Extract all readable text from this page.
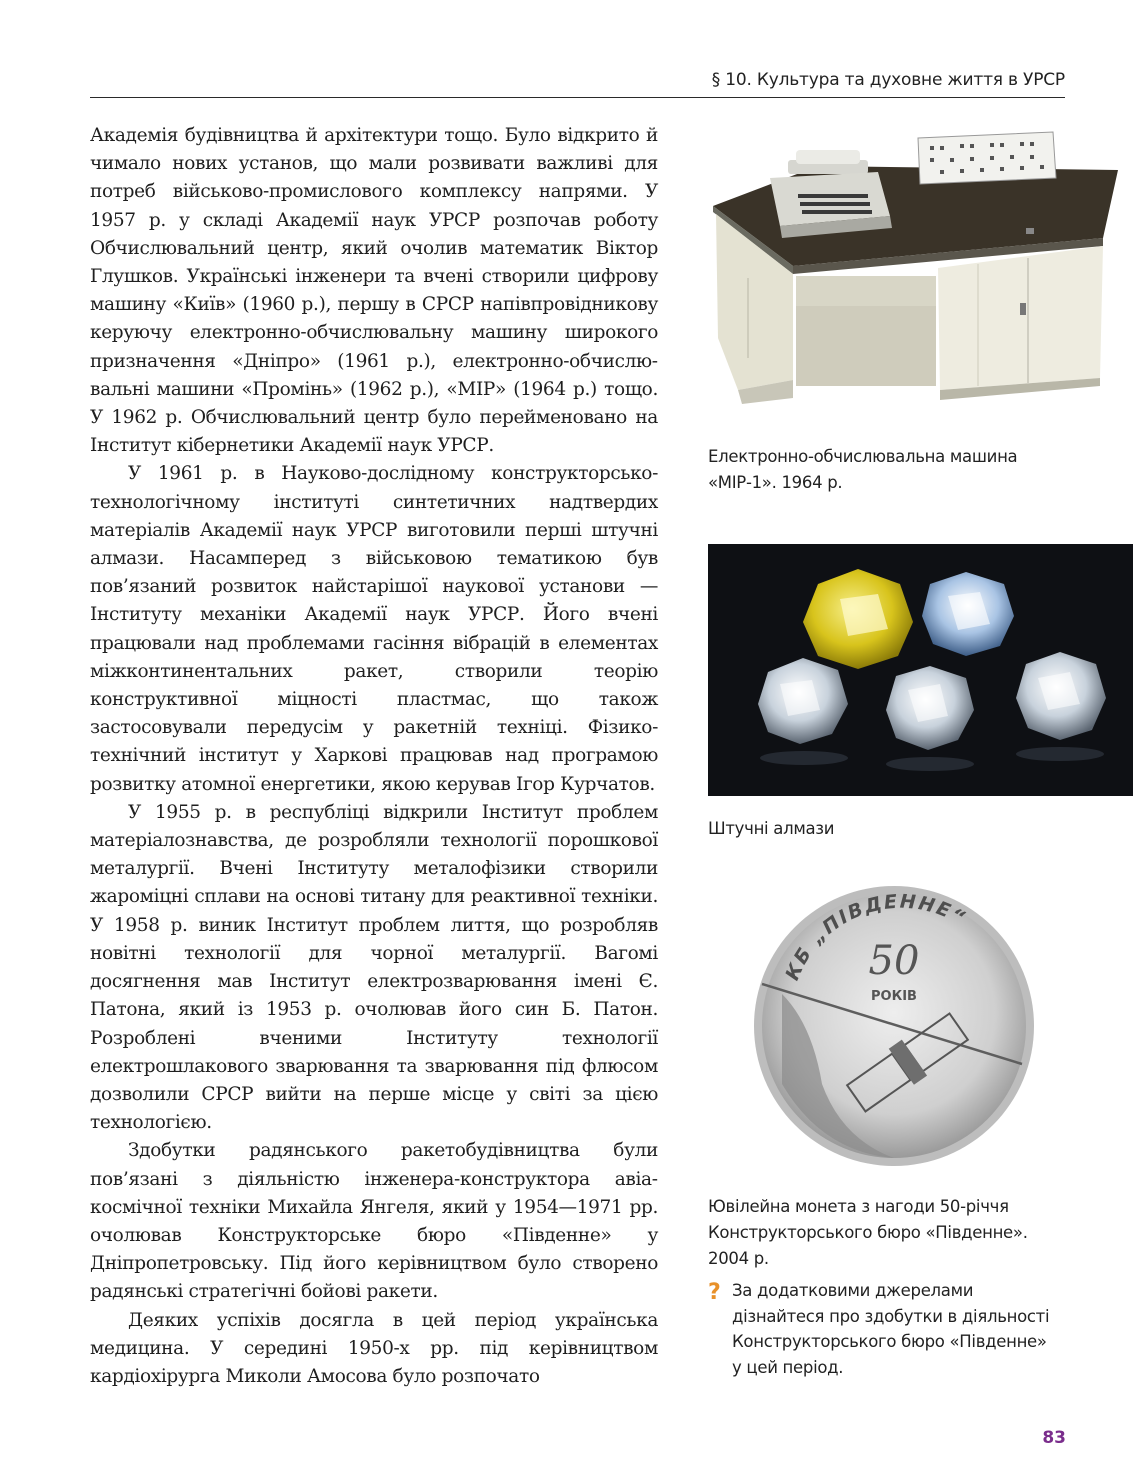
§ 10. Культура та духовне життя в УРСР

Академія будівництва й архітектури тощо. Було відкрито й чимало нових установ, що мали розвивати важливі для потреб військово-промислового комплексу напрями. У 1957 р. у складі Академії наук УРСР розпочав роботу Обчислювальний центр, який очолив математик Віктор Глушков. Українські інженери та вчені створили цифрову машину «Київ» (1960 р.), першу в СРСР напівпровідникову керуючу електронно-обчислювальну машину широкого призначення «Дніпро» (1961 р.), електронно-обчислювальні машини «Промінь» (1962 р.), «МІР» (1964 р.) тощо. У 1962 р. Обчислювальний центр було перейменовано на Інститут кібернетики Академії наук УРСР.

У 1961 р. в Науково-дослідному конструкторсько-технологічному інституті синтетичних надтвердих матеріалів Академії наук УРСР виготовили перші штучні алмази. Насамперед з військовою тематикою був пов’язаний розвиток найстарішої наукової установи — Інституту механіки Академії наук УРСР. Його вчені працювали над проблемами гасіння вібрацій в елементах міжконтинентальних ракет, створили теорію конструктивної міцності пластмас, що також застосовували передусім у ракетній техніці. Фізико-технічний інститут у Харкові працював над програмою розвитку атомної енергетики, якою керував Ігор Курчатов.

У 1955 р. в республіці відкрили Інститут проблем матеріалознавства, де розробляли технології порошкової металургії. Вчені Інституту металофізики створили жароміцні сплави на основі титану для реактивної техніки. У 1958 р. виник Інститут проблем лиття, що розробляв новітні технології для чорної металургії. Вагомі досягнення мав Інститут електрозварювання імені Є. Патона, який із 1953 р. очолював його син Б. Патон. Розроблені вченими Інституту технології електрошлакового зварювання та зварювання під флюсом дозволили СРСР вийти на перше місце у світі за цією технологією.

Здобутки радянського ракетобудівництва були пов’язані з діяльністю інженера-конструктора авіакосмічної техніки Михайла Янгеля, який у 1954—1971 рр. очолював Конструкторське бюро «Південне» у Дніпропетровську. Під його керівництвом було створено радянські стратегічні бойові ракети.

Деяких успіхів досягла в цей період українська медицина. У середині 1950-х рр. під керівництвом кардіохірурга Миколи Амосова було розпочато

Електронно-обчислювальна машина «МІР-1». 1964 р.
Штучні алмази
50
РОКІВ
КБ „ПІВДЕННЕ“
Ювілейна монета з нагоди 50-річчя Конструкторського бюро «Південне». 2004 р.
? За додатковими джерелами дізнайтеся про здобутки в діяльності Конструкторського бюро «Південне» у цей період.
83
